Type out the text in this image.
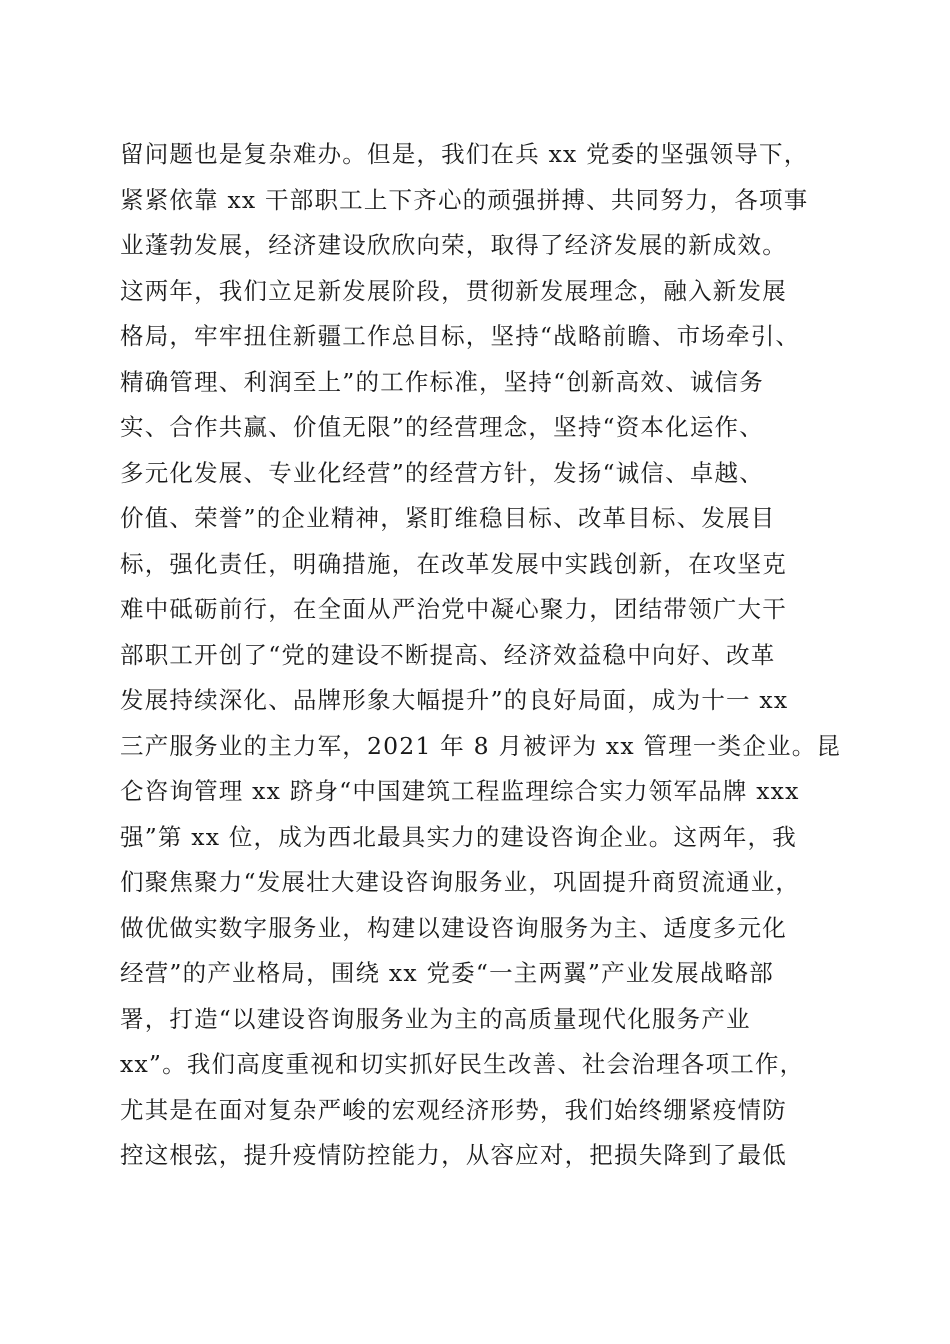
留问题也是复杂难办。但是，我们在兵 xx 党委的坚强领导下，
紧紧依靠 xx 干部职工上下齐心的顽强拼搏、共同努力，各项事
业蓬勃发展，经济建设欣欣向荣，取得了经济发展的新成效。
这两年，我们立足新发展阶段，贯彻新发展理念，融入新发展
格局，牢牢扭住新疆工作总目标，坚持“战略前瞻、市场牵引、
精确管理、利润至上”的工作标准，坚持“创新高效、诚信务
实、合作共赢、价值无限”的经营理念，坚持“资本化运作、
多元化发展、专业化经营”的经营方针，发扬“诚信、卓越、
价值、荣誉”的企业精神，紧盯维稳目标、改革目标、发展目
标，强化责任，明确措施，在改革发展中实践创新，在攻坚克
难中砥砺前行，在全面从严治党中凝心聚力，团结带领广大干
部职工开创了“党的建设不断提高、经济效益稳中向好、改革
发展持续深化、品牌形象大幅提升”的良好局面，成为十一 xx
三产服务业的主力军，2021 年 8 月被评为 xx 管理一类企业。昆
仑咨询管理 xx 跻身“中国建筑工程监理综合实力领军品牌 xxx
强”第 xx 位，成为西北最具实力的建设咨询企业。这两年，我
们聚焦聚力“发展壮大建设咨询服务业，巩固提升商贸流通业，
做优做实数字服务业，构建以建设咨询服务为主、适度多元化
经营”的产业格局，围绕 xx 党委“一主两翼”产业发展战略部
署，打造“以建设咨询服务业为主的高质量现代化服务产业
xx”。我们高度重视和切实抓好民生改善、社会治理各项工作，
尤其是在面对复杂严峻的宏观经济形势，我们始终绷紧疫情防
控这根弦，提升疫情防控能力，从容应对，把损失降到了最低
